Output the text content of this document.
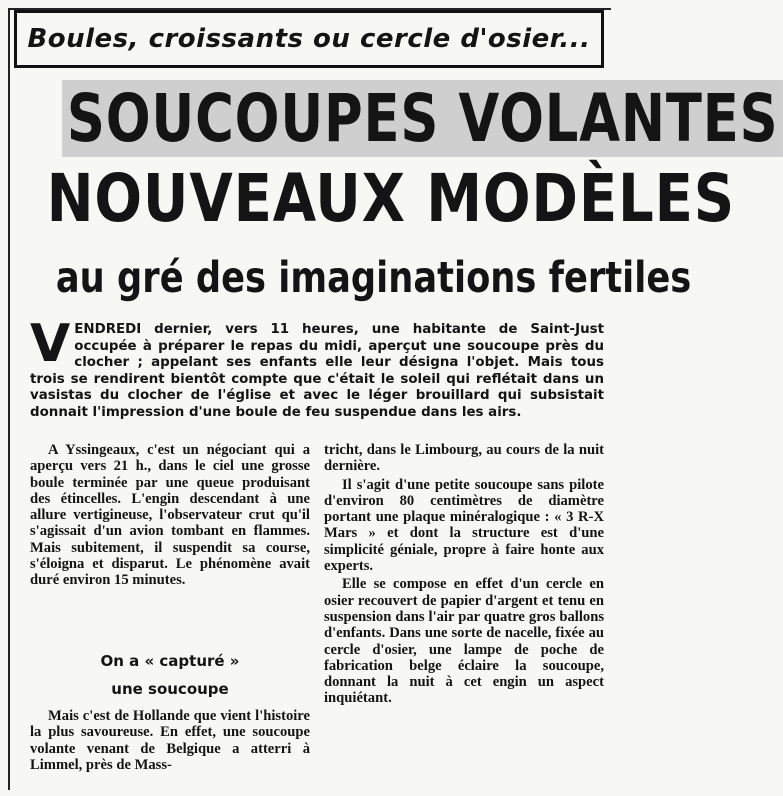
Boules, croissants ou cercle d'osier...
SOUCOUPES VOLANTES
NOUVEAUX MODÈLES
au gré des imaginations fertiles
VENDREDI dernier, vers 11 heures, une habitante de Saint-Just occupée à préparer le repas du midi, aperçut une soucoupe près du clocher ; appelant ses enfants elle leur désigna l'objet. Mais tous trois se rendirent bientôt compte que c'était le soleil qui reflétait dans un vasistas du clocher de l'église et avec le léger brouillard qui subsistait donnait l'impression d'une boule de feu suspendue dans les airs.

A Yssingeaux, c'est un négociant qui a aperçu vers 21 h., dans le ciel une grosse boule terminée par une queue produisant des étincelles. L'engin descendant à une allure vertigineuse, l'observateur crut qu'il s'agissait d'un avion tombant en flammes. Mais subitement, il suspendit sa course, s'éloigna et disparut. Le phénomène avait duré environ 15 minutes.

On a « capturé »
une soucoupe

Mais c'est de Hollande que vient l'histoire la plus savoureuse. En effet, une soucoupe volante venant de Belgique a atterri à Limmel, près de Mass-

tricht, dans le Limbourg, au cours de la nuit dernière.

Il s'agit d'une petite soucoupe sans pilote d'environ 80 centimètres de diamètre portant une plaque minéralogique : « 3 R-X Mars » et dont la structure est d'une simplicité géniale, propre à faire honte aux experts.

Elle se compose en effet d'un cercle en osier recouvert de papier d'argent et tenu en suspension dans l'air par quatre gros ballons d'enfants. Dans une sorte de nacelle, fixée au cercle d'osier, une lampe de poche de fabrication belge éclaire la soucoupe, donnant la nuit à cet engin un aspect inquiétant.
